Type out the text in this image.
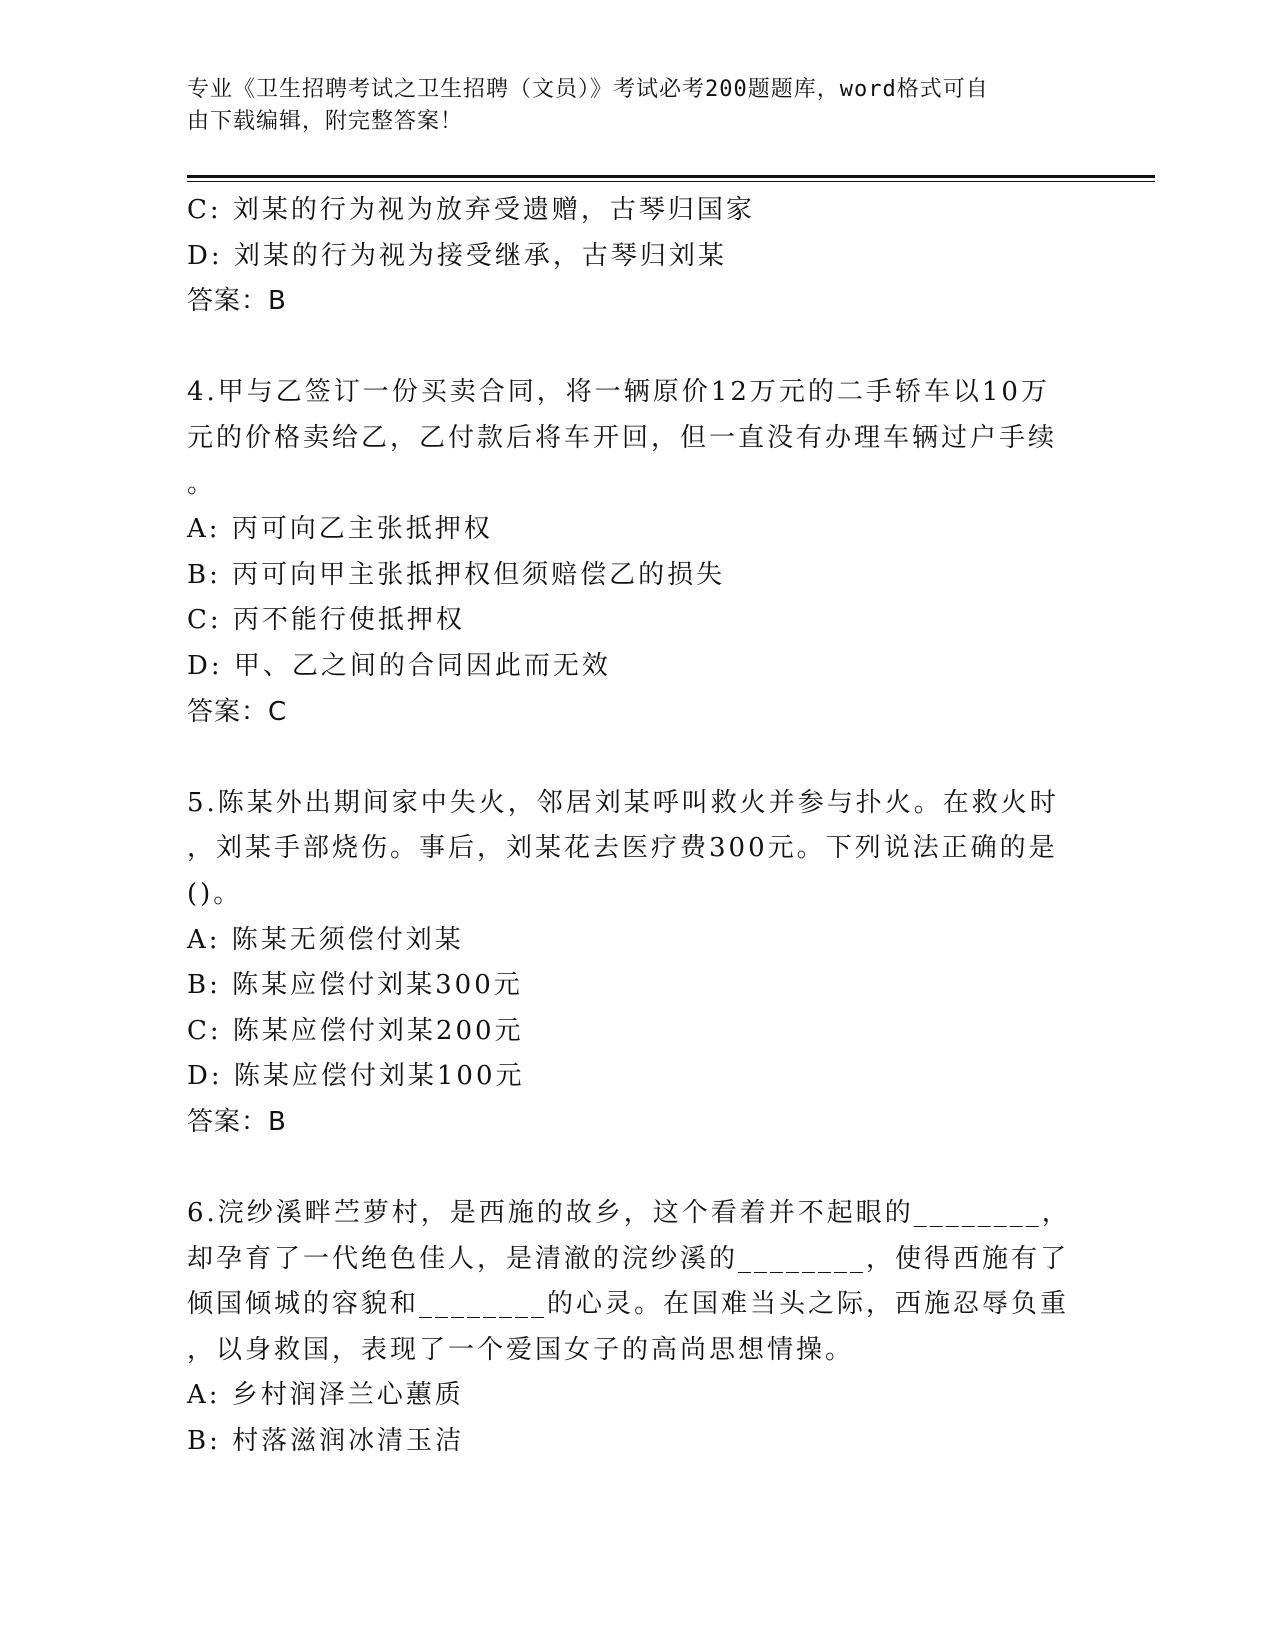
专业《卫生招聘考试之卫生招聘（文员）》考试必考200题题库，word格式可自
由下载编辑，附完整答案！
C: 刘某的行为视为放弃受遗赠，古琴归国家
D: 刘某的行为视为接受继承，古琴归刘某
答案：B
4.甲与乙签订一份买卖合同，将一辆原价12万元的二手轿车以10万
元的价格卖给乙，乙付款后将车开回，但一直没有办理车辆过户手续
。
A: 丙可向乙主张抵押权
B: 丙可向甲主张抵押权但须赔偿乙的损失
C: 丙不能行使抵押权
D: 甲、乙之间的合同因此而无效
答案：C
5.陈某外出期间家中失火，邻居刘某呼叫救火并参与扑火。在救火时
，刘某手部烧伤。事后，刘某花去医疗费300元。下列说法正确的是
()。
A: 陈某无须偿付刘某
B: 陈某应偿付刘某300元
C: 陈某应偿付刘某200元
D: 陈某应偿付刘某100元
答案：B
6.浣纱溪畔苎萝村，是西施的故乡，这个看着并不起眼的________，
却孕育了一代绝色佳人，是清澈的浣纱溪的________，使得西施有了
倾国倾城的容貌和________的心灵。在国难当头之际，西施忍辱负重
，以身救国，表现了一个爱国女子的高尚思想情操。
A: 乡村润泽兰心蕙质
B: 村落滋润冰清玉洁
